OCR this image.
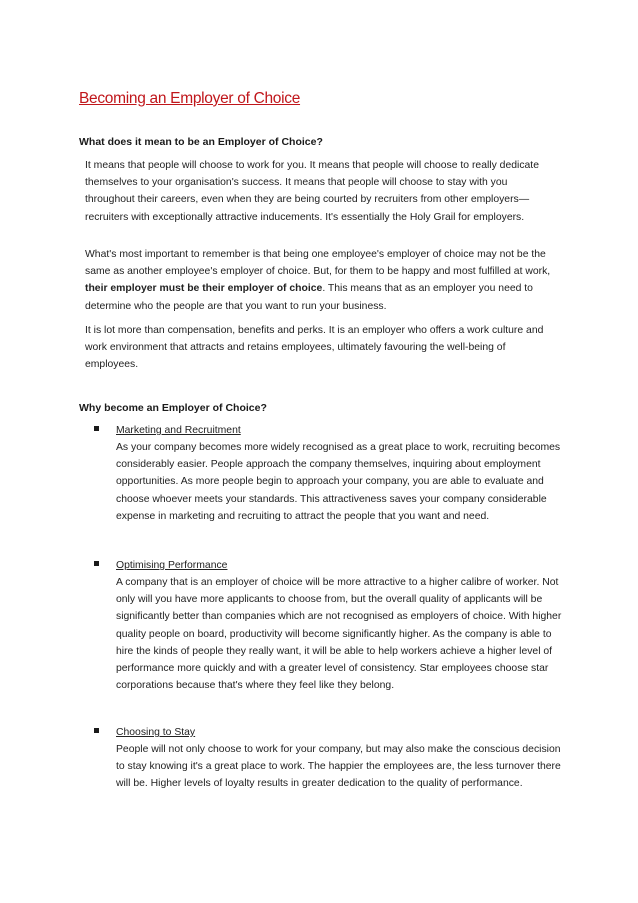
Becoming an Employer of Choice
What does it mean to be an Employer of Choice?

It means that people will choose to work for you. It means that people will choose to really dedicate themselves to your organisation's success. It means that people will choose to stay with you throughout their careers, even when they are being courted by recruiters from other employers—recruiters with exceptionally attractive inducements. It's essentially the Holy Grail for employers.

What's most important to remember is that being one employee's employer of choice may not be the same as another employee's employer of choice. But, for them to be happy and most fulfilled at work, their employer must be their employer of choice. This means that as an employer you need to determine who the people are that you want to run your business.

It is lot more than compensation, benefits and perks. It is an employer who offers a work culture and work environment that attracts and retains employees, ultimately favouring the well-being of employees.

Why become an Employer of Choice?
Marketing and Recruitment

As your company becomes more widely recognised as a great place to work, recruiting becomes considerably easier. People approach the company themselves, inquiring about employment opportunities. As more people begin to approach your company, you are able to evaluate and choose whoever meets your standards. This attractiveness saves your company considerable expense in marketing and recruiting to attract the people that you want and need.

Optimising Performance

A company that is an employer of choice will be more attractive to a higher calibre of worker. Not only will you have more applicants to choose from, but the overall quality of applicants will be significantly better than companies which are not recognised as employers of choice. With higher quality people on board, productivity will become significantly higher. As the company is able to hire the kinds of people they really want, it will be able to help workers achieve a higher level of performance more quickly and with a greater level of consistency. Star employees choose star corporations because that's where they feel like they belong.

Choosing to Stay

People will not only choose to work for your company, but may also make the conscious decision to stay knowing it's a great place to work. The happier the employees are, the less turnover there will be. Higher levels of loyalty results in greater dedication to the quality of performance.
